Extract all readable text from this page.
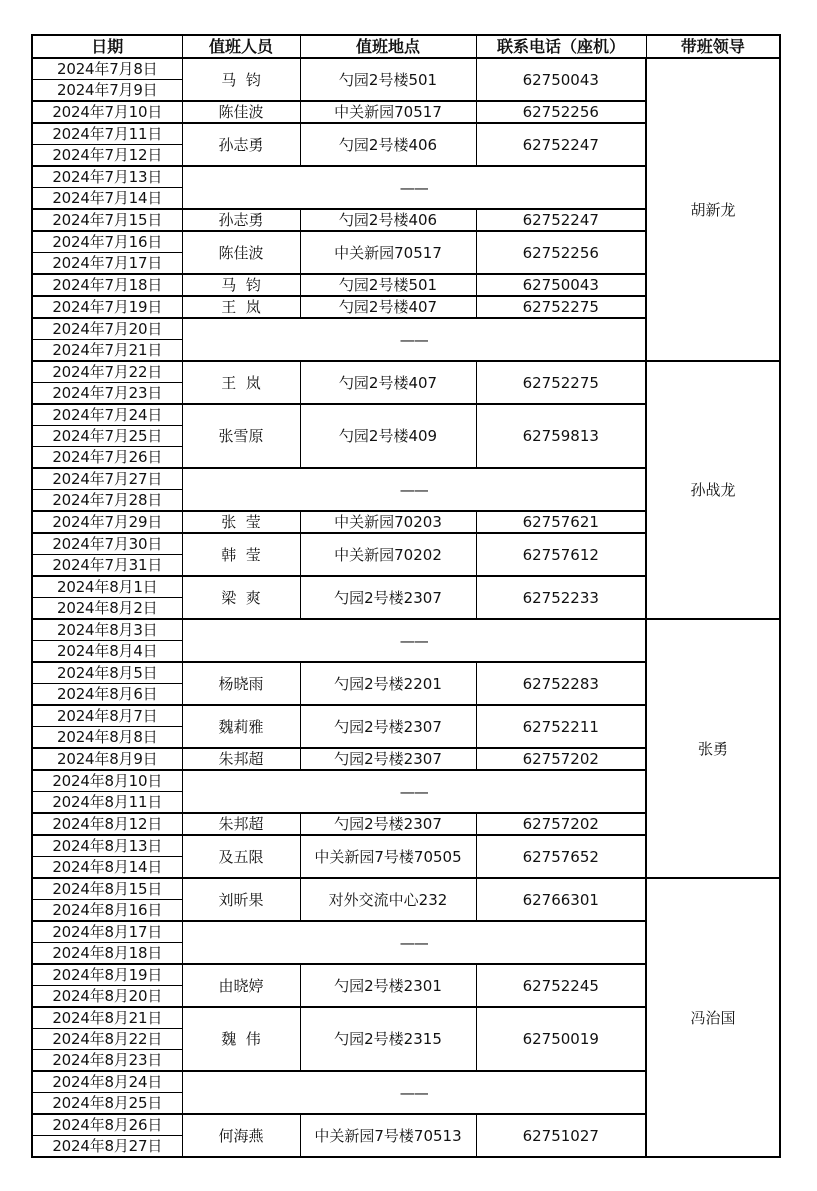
日期	值班人员	值班地点	联系电话（座机）	带班领导
2024年7月8日	马  钧	勺园2号楼501	62750043	胡新龙
2024年7月9日				
2024年7月10日	陈佳波	中关新园70517	62752256	
2024年7月11日	孙志勇	勺园2号楼406	62752247	
2024年7月12日				
2024年7月13日	——			
2024年7月14日				
2024年7月15日	孙志勇	勺园2号楼406	62752247	
2024年7月16日	陈佳波	中关新园70517	62752256	
2024年7月17日				
2024年7月18日	马  钧	勺园2号楼501	62750043	
2024年7月19日	王  岚	勺园2号楼407	62752275	
2024年7月20日	——			
2024年7月21日				
2024年7月22日	王  岚	勺园2号楼407	62752275	孙战龙
2024年7月23日				
2024年7月24日	张雪原	勺园2号楼409	62759813	
2024年7月25日				
2024年7月26日				
2024年7月27日	——			
2024年7月28日				
2024年7月29日	张  莹	中关新园70203	62757621	
2024年7月30日	韩  莹	中关新园70202	62757612	
2024年7月31日				
2024年8月1日	梁  爽	勺园2号楼2307	62752233	
2024年8月2日				
2024年8月3日	——			张勇
2024年8月4日				
2024年8月5日	杨晓雨	勺园2号楼2201	62752283	
2024年8月6日				
2024年8月7日	魏莉雅	勺园2号楼2307	62752211	
2024年8月8日				
2024年8月9日	朱邦超	勺园2号楼2307	62757202	
2024年8月10日	——			
2024年8月11日				
2024年8月12日	朱邦超	勺园2号楼2307	62757202	
2024年8月13日	及五限	中关新园7号楼70505	62757652	
2024年8月14日				
2024年8月15日	刘昕果	对外交流中心232	62766301	冯治国
2024年8月16日				
2024年8月17日	——			
2024年8月18日				
2024年8月19日	由晓婷	勺园2号楼2301	62752245	
2024年8月20日				
2024年8月21日	魏  伟	勺园2号楼2315	62750019	
2024年8月22日				
2024年8月23日				
2024年8月24日	——			
2024年8月25日				
2024年8月26日	何海燕	中关新园7号楼70513	62751027	
2024年8月27日				
